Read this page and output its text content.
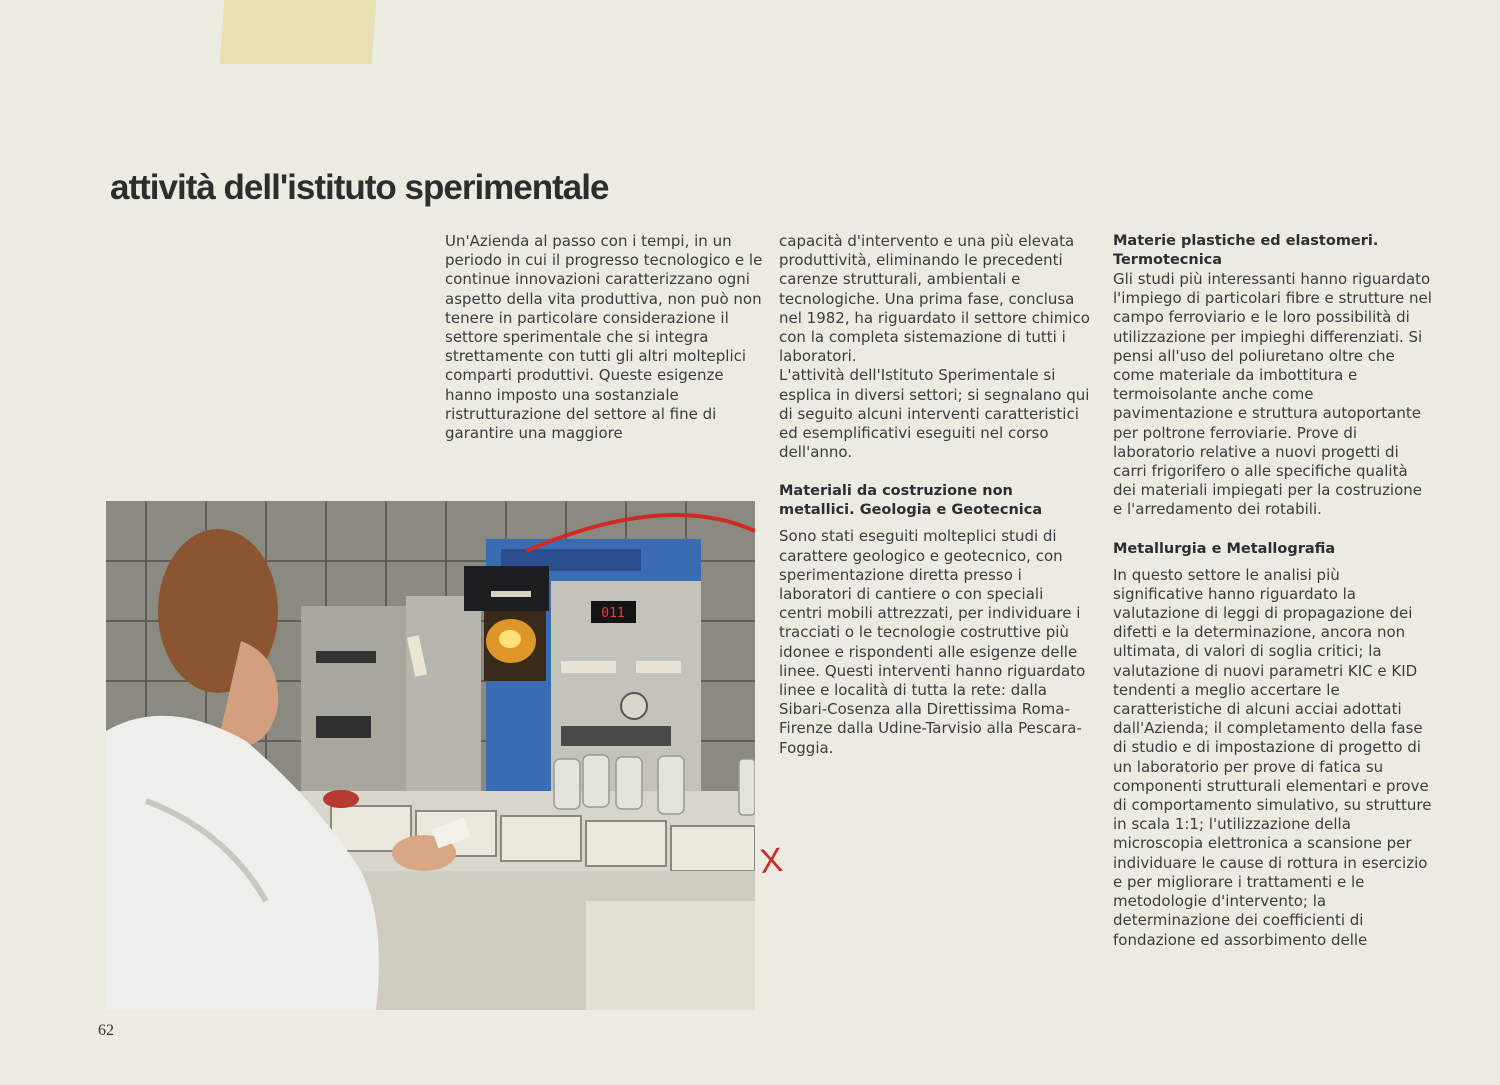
attività dell'istituto sperimentale

Un'Azienda al passo con i tempi, in un periodo in cui il progresso tecnologico e le continue innovazioni caratterizzano ogni aspetto della vita produttiva, non può non tenere in particolare considerazione il settore sperimentale che si integra strettamente con tutti gli altri molteplici comparti produttivi. Queste esigenze hanno imposto una sostanziale ristrutturazione del settore al fine di garantire una maggiore

capacità d'intervento e una più elevata produttività, eliminando le precedenti carenze strutturali, ambientali e tecnologiche. Una prima fase, conclusa nel 1982, ha riguardato il settore chimico con la completa sistemazione di tutti i laboratori.

L'attività dell'Istituto Sperimentale si esplica in diversi settori; si segnalano qui di seguito alcuni interventi caratteristici ed esemplificativi eseguiti nel corso dell'anno.

Materiali da costruzione non metallici. Geologia e Geotecnica

Sono stati eseguiti molteplici studi di carattere geologico e geotecnico, con sperimentazione diretta presso i laboratori di cantiere o con speciali centri mobili attrezzati, per individuare i tracciati o le tecnologie costruttive più idonee e rispondenti alle esigenze delle linee. Questi interventi hanno riguardato linee e località di tutta la rete: dalla Sibari-Cosenza alla Direttissima Roma-Firenze dalla Udine-Tarvisio alla Pescara-Foggia.

Materie plastiche ed elastomeri. Termotecnica

Gli studi più interessanti hanno riguardato l'impiego di particolari fibre e strutture nel campo ferroviario e le loro possibilità di utilizzazione per impieghi differenziati. Si pensi all'uso del poliuretano oltre che come materiale da imbottitura e termoisolante anche come pavimentazione e struttura autoportante per poltrone ferroviarie. Prove di laboratorio relative a nuovi progetti di carri frigorifero o alle specifiche qualità dei materiali impiegati per la costruzione e l'arredamento dei rotabili.

Metallurgia e Metallografia

In questo settore le analisi più significative hanno riguardato la valutazione di leggi di propagazione dei difetti e la determinazione, ancora non ultimata, di valori di soglia critici; la valutazione di nuovi parametri KIC e KID tendenti a meglio accertare le caratteristiche di alcuni acciai adottati dall'Azienda; il completamento della fase di studio e di impostazione di progetto di un laboratorio per prove di fatica su componenti strutturali elementari e prove di comportamento simulativo, su strutture in scala 1:1; l'utilizzazione della microscopia elettronica a scansione per individuare le cause di rottura in esercizio e per migliorare i trattamenti e le metodologie d'intervento; la determinazione dei coefficienti di fondazione ed assorbimento delle

011
62
X
